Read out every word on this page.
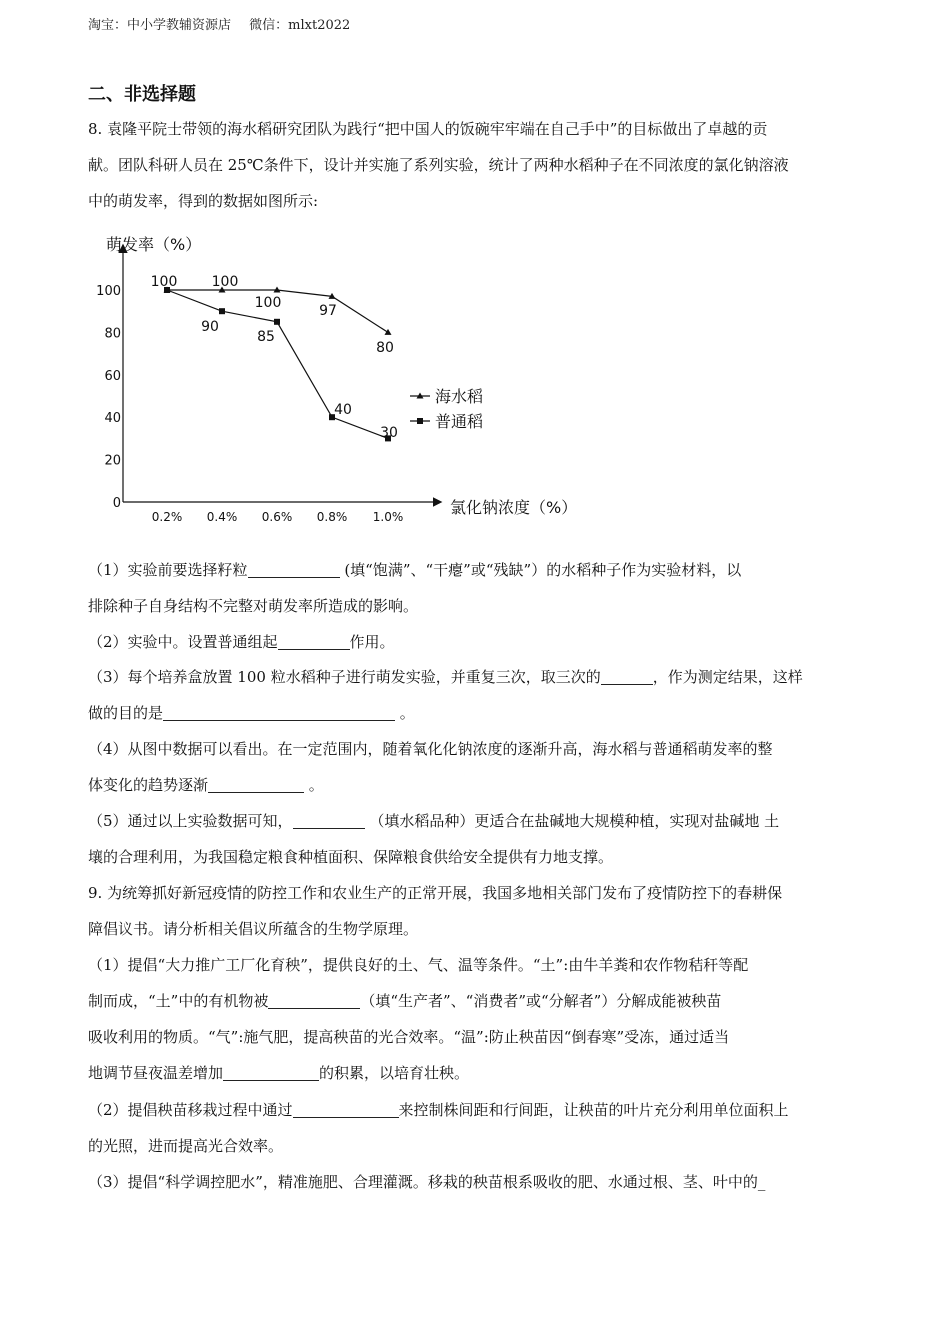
淘宝：中小学教辅资源店 微信：mlxt2022
二、非选择题

8. 袁隆平院士带领的海水稻研究团队为践行“把中国人的饭碗牢牢端在自己手中”的目标做出了卓越的贡
献。团队科研人员在 25℃条件下，设计并实施了系列实验，统计了两种水稻种子在不同浓度的氯化钠溶液
中的萌发率，得到的数据如图所示:

萌发率（%）
氯化钠浓度（%）
0
20
40
60
80
100
0.2% 0.4% 0.6% 0.8% 1.0%
100 100
100	97
80
90
85
40
30
海水稻
普通稻

（1）实验前要选择籽粒	(填“饱满”、“干瘪”或“残缺”）的水稻种子作为实验材料，以
排除种子自身结构不完整对萌发率所造成的影响。

（2）实验中。设置普通组起	作用。

（3）每个培养盒放置 100 粒水稻种子进行萌发实验，并重复三次，取三次的	，作为测定结果，这样
做的目的是	。

（4）从图中数据可以看出。在一定范围内，随着氧化化钠浓度的逐渐升高，海水稻与普通稻萌发率的整
体变化的趋势逐渐	。

（5）通过以上实验数据可知，	（填水稻品种）更适合在盐碱地大规模种植，实现对盐碱地 土
壤的合理利用，为我国稳定粮食种植面积、保障粮食供给安全提供有力地支撑。

9. 为统筹抓好新冠疫情的防控工作和农业生产的正常开展，我国多地相关部门发布了疫情防控下的春耕保
障倡议书。请分析相关倡议所蕴含的生物学原理。

（1）提倡“大力推广工厂化育秧”，提供良好的土、气、温等条件。“土”:由牛羊粪和农作物秸秆等配
制而成，“土”中的有机物被	（填“生产者”、“消费者”或“分解者”）分解成能被秧苗
吸收利用的物质。“气”:施气肥，提高秧苗的光合效率。“温”:防止秧苗因“倒春寒”受冻，通过适当
地调节昼夜温差增加	的积累，以培育壮秧。

（2）提倡秧苗移栽过程中通过	来控制株间距和行间距，让秧苗的叶片充分利用单位面积上
的光照，进而提高光合效率。

（3）提倡“科学调控肥水”，精准施肥、合理灌溉。移栽的秧苗根系吸收的肥、水通过根、茎、叶中的_
